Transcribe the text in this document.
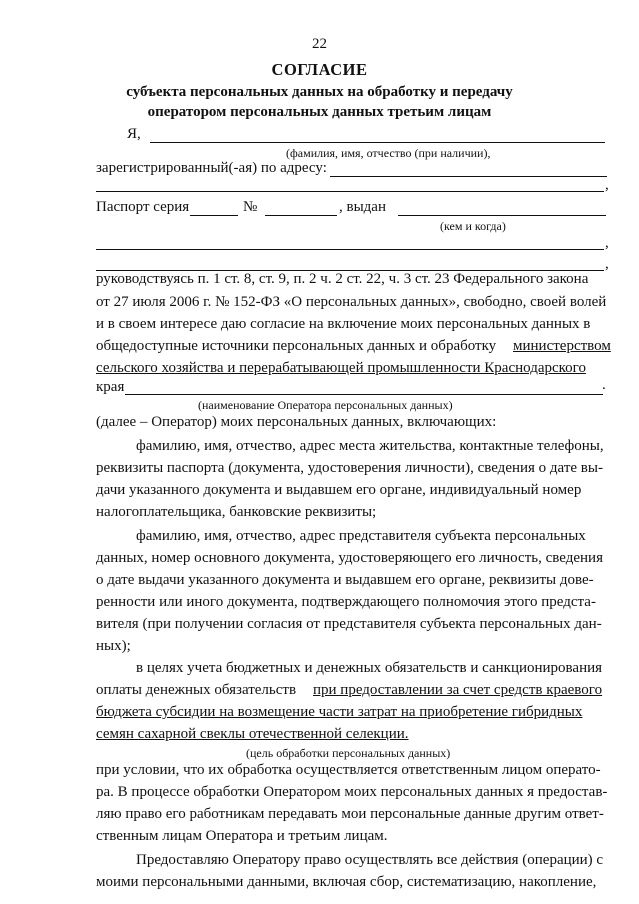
22
СОГЛАСИЕ
субъекта персональных данных на обработку и передачу
оператором персональных данных третьим лицам
Я,
(фамилия, имя, отчество (при наличии),
зарегистрированный(-ая) по адресу:
,
Паспорт серия	№	, выдан
(кем и когда)
,
,
руководствуясь п. 1 ст. 8, ст. 9, п. 2 ч. 2 ст. 22, ч. 3 ст. 23 Федерального закона
от 27 июля 2006 г. № 152-ФЗ «О персональных данных», свободно, своей волей
и в своем интересе даю согласие на включение моих персональных данных в
общедоступные источники персональных данных и обработку министерством
сельского хозяйства и перерабатывающей промышленности Краснодарского
края	.
(наименование Оператора персональных данных)
(далее – Оператор) моих персональных данных, включающих:
фамилию, имя, отчество, адрес места жительства, контактные телефоны,
реквизиты паспорта (документа, удостоверения личности), сведения о дате вы-
дачи указанного документа и выдавшем его органе, индивидуальный номер
налогоплательщика, банковские реквизиты;
фамилию, имя, отчество, адрес представителя субъекта персональных
данных, номер основного документа, удостоверяющего его личность, сведения
о дате выдачи указанного документа и выдавшем его органе, реквизиты дове-
ренности или иного документа, подтверждающего полномочия этого предста-
вителя (при получении согласия от представителя субъекта персональных дан-
ных);
в целях учета бюджетных и денежных обязательств и санкционирования
оплаты денежных обязательств при предоставлении за счет средств краевого
бюджета субсидии на возмещение части затрат на приобретение гибридных
семян сахарной свеклы отечественной селекции.
(цель обработки персональных данных)
при условии, что их обработка осуществляется ответственным лицом операто-
ра. В процессе обработки Оператором моих персональных данных я предостав-
ляю право его работникам передавать мои персональные данные другим ответ-
ственным лицам Оператора и третьим лицам.
Предоставляю Оператору право осуществлять все действия (операции) с
моими персональными данными, включая сбор, систематизацию, накопление,
